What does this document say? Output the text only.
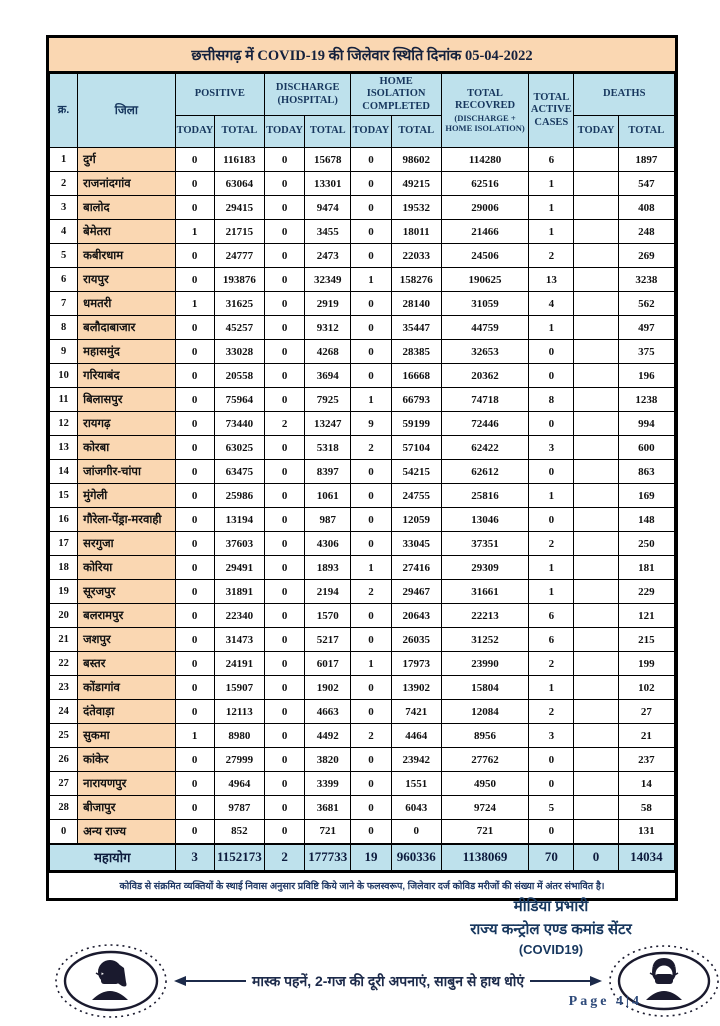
छत्तीसगढ़ में COVID-19 की जिलेवार स्थिति दिनांक 05-04-2022
क्र.	जिला	POSITIVE		DISCHARGE (HOSPITAL)		HOME ISOLATION COMPLETED		TOTAL RECOVRED
(DISCHARGE + HOME ISOLATION)	TOTAL ACTIVE CASES	DEATHS	
		TODAY	TOTAL	TODAY	TOTAL	TODAY	TOTAL			TODAY	TOTAL
1	दुर्ग	0	116183	0	15678	0	98602	114280	6		1897
2	राजनांदगांव	0	63064	0	13301	0	49215	62516	1		547
3	बालोद	0	29415	0	9474	0	19532	29006	1		408
4	बेमेतरा	1	21715	0	3455	0	18011	21466	1		248
5	कबीरधाम	0	24777	0	2473	0	22033	24506	2		269
6	रायपुर	0	193876	0	32349	1	158276	190625	13		3238
7	धमतरी	1	31625	0	2919	0	28140	31059	4		562
8	बलौदाबाजार	0	45257	0	9312	0	35447	44759	1		497
9	महासमुंद	0	33028	0	4268	0	28385	32653	0		375
10	गरियाबंद	0	20558	0	3694	0	16668	20362	0		196
11	बिलासपुर	0	75964	0	7925	1	66793	74718	8		1238
12	रायगढ़	0	73440	2	13247	9	59199	72446	0		994
13	कोरबा	0	63025	0	5318	2	57104	62422	3		600
14	जांजगीर-चांपा	0	63475	0	8397	0	54215	62612	0		863
15	मुंगेली	0	25986	0	1061	0	24755	25816	1		169
16	गौरेला-पेंड्रा-मरवाही	0	13194	0	987	0	12059	13046	0		148
17	सरगुजा	0	37603	0	4306	0	33045	37351	2		250
18	कोरिया	0	29491	0	1893	1	27416	29309	1		181
19	सूरजपुर	0	31891	0	2194	2	29467	31661	1		229
20	बलरामपुर	0	22340	0	1570	0	20643	22213	6		121
21	जशपुर	0	31473	0	5217	0	26035	31252	6		215
22	बस्तर	0	24191	0	6017	1	17973	23990	2		199
23	कोंडागांव	0	15907	0	1902	0	13902	15804	1		102
24	दंतेवाड़ा	0	12113	0	4663	0	7421	12084	2		27
25	सुकमा	1	8980	0	4492	2	4464	8956	3		21
26	कांकेर	0	27999	0	3820	0	23942	27762	0		237
27	नारायणपुर	0	4964	0	3399	0	1551	4950	0		14
28	बीजापुर	0	9787	0	3681	0	6043	9724	5		58
0	अन्य राज्य	0	852	0	721	0	0	721	0		131
महायोग		3	1152173	2	177733	19	960336	1138069	70	0	14034
कोविड से संक्रमित व्यक्तियों के स्थाई निवास अनुसार प्रविष्टि किये जाने के फलस्वरूप, जिलेवार दर्ज कोविड मरीजों की संख्या में अंतर संभावित है।
मीडिया प्रभारी
राज्य कन्ट्रोल एण्ड कमांड सेंटर
(COVID19)
मास्क पहनें, 2-गज की दूरी अपनाएं, साबुन से हाथ धोएं
Page 4|4
